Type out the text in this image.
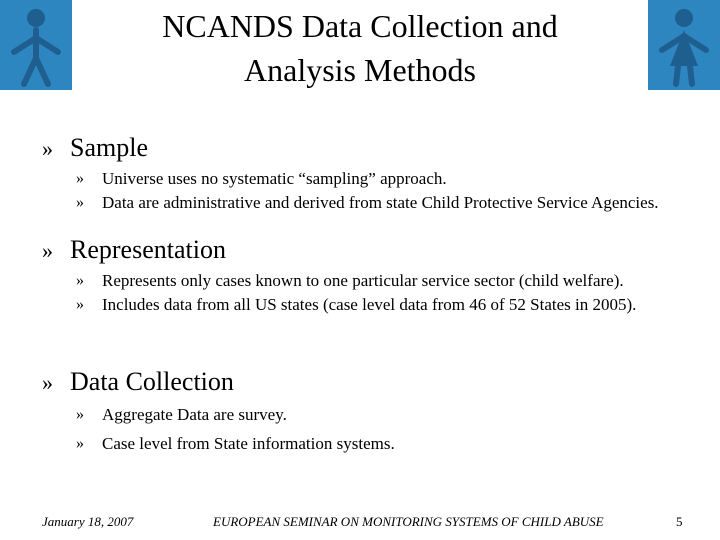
NCANDS Data Collection and
Analysis Methods
» Sample
»	Universe uses no systematic “sampling” approach.
»	Data are administrative and derived from state Child Protective Service Agencies.
» Representation
»	Represents only cases known to one particular service sector (child welfare).
»	Includes data from all US states (case level data from 46 of 52 States in 2005).
» Data Collection
»	Aggregate Data are survey.
»	Case level from State information systems.
January 18, 2007	EUROPEAN SEMINAR ON MONITORING SYSTEMS OF CHILD ABUSE	5
